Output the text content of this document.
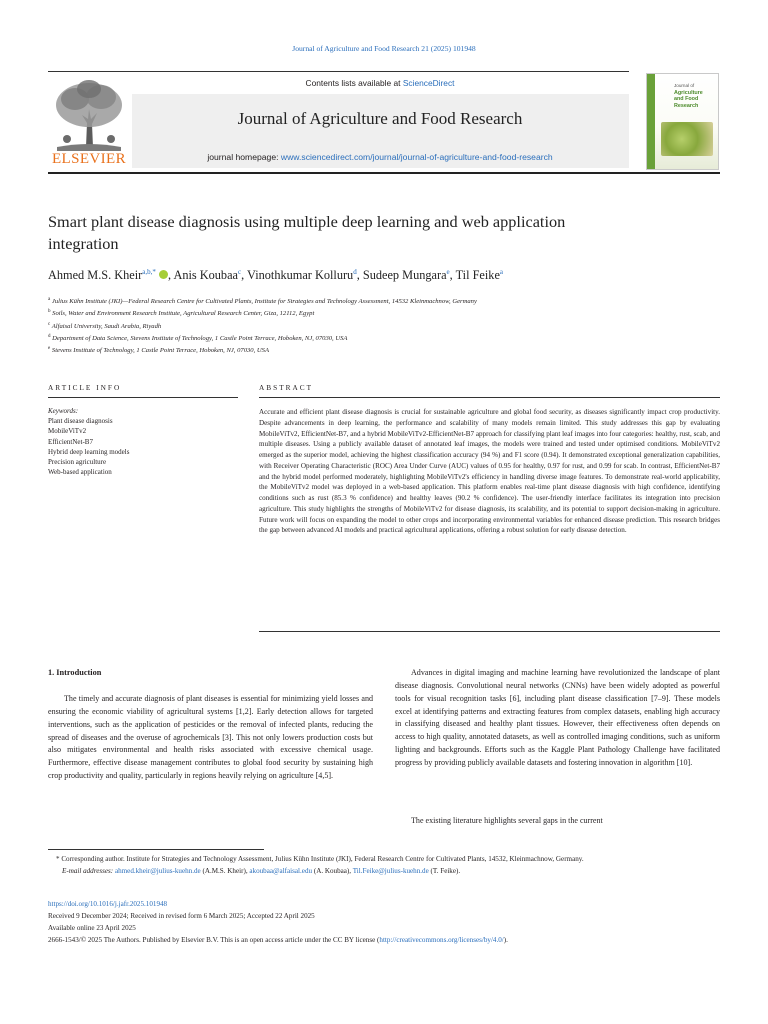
Journal of Agriculture and Food Research 21 (2025) 101948
ELSEVIER
Contents lists available at ScienceDirect
Journal of Agriculture and Food Research
journal homepage: www.sciencedirect.com/journal/journal-of-agriculture-and-food-research
Journal of
Agriculture
and Food
Research
Smart plant disease diagnosis using multiple deep learning and web application integration
Ahmed M.S. Kheir$^{a,b,*}$ , Anis Koubaa$^c$, Vinothkumar Kolluru$^d$, Sudeep Mungara$^e$, Til Feike$^a$
$^a$ Julius Kühn Institute (JKI)—Federal Research Centre for Cultivated Plants, Institute for Strategies and Technology Assessment, 14532 Kleinmachnow, Germany
$^b$ Soils, Water and Environment Research Institute, Agricultural Research Center, Giza, 12112, Egypt
$^c$ Alfaisal University, Saudi Arabia, Riyadh
$^d$ Department of Data Science, Stevens Institute of Technology, 1 Castle Point Terrace, Hoboken, NJ, 07030, USA
$^e$ Stevens Institute of Technology, 1 Castle Point Terrace, Hoboken, NJ, 07030, USA
ARTICLE INFO	ABSTRACT
Keywords:
Plant disease diagnosis
MobileViTv2
EfficientNet-B7
Hybrid deep learning models
Precision agriculture
Web-based application
Accurate and efficient plant disease diagnosis is crucial for sustainable agriculture and global food security, as diseases significantly impact crop productivity. Despite advancements in deep learning, the performance and scalability of many models remain limited. This study addresses this gap by evaluating MobileViTv2, EfficientNet-B7, and a hybrid MobileViTv2-EfficientNet-B7 approach for classifying plant leaf images into four categories: healthy, rust, scab, and multiple diseases. Using a publicly available dataset of annotated leaf images, the models were trained and tested under optimised conditions. MobileViTv2 emerged as the superior model, achieving the highest classification accuracy (94 %) and F1 score (0.94). It demonstrated exceptional generalization capabilities, with Receiver Operating Characteristic (ROC) Area Under Curve (AUC) values of 0.95 for healthy, 0.97 for rust, and 0.99 for scab. In contrast, EfficientNet-B7 and the hybrid model performed moderately, highlighting MobileViTv2's efficiency in handling diverse image features. To demonstrate real-world applicability, the MobileViTv2 model was deployed in a web-based application. This platform enables real-time plant disease diagnosis with high confidence, identifying conditions such as rust (85.3 % confidence) and healthy leaves (90.2 % confidence). The user-friendly interface facilitates its integration into precision agriculture. This study highlights the strengths of MobileViTv2 for disease diagnosis, its scalability, and its potential to support decision-making in agriculture. Future work will focus on expanding the model to other crops and incorporating environmental variables for enhanced disease prediction. This research bridges the gap between advanced AI models and practical agricultural applications, offering a robust solution for early disease detection.
1. Introduction
The timely and accurate diagnosis of plant diseases is essential for minimizing yield losses and ensuring the economic viability of agricultural systems [1,2]. Early detection allows for targeted interventions, such as the application of pesticides or the removal of infected plants, reducing the spread of diseases and the overuse of agrochemicals [3]. This not only lowers production costs but also mitigates environmental and health risks associated with excessive chemical usage. Furthermore, effective disease management contributes to global food security by sustaining high crop productivity and quality, particularly in regions heavily relying on agriculture [4,5].
Advances in digital imaging and machine learning have revolutionized the landscape of plant disease diagnosis. Convolutional neural networks (CNNs) have been widely adopted as powerful tools for visual recognition tasks [6], including plant disease classification [7–9]. These models excel at identifying patterns and extracting features from complex datasets, enabling high accuracy in classifying diseased and healthy plant tissues. However, their effectiveness often depends on access to high quality, annotated datasets, as well as controlled imaging conditions, such as uniform lighting and backgrounds. Efforts such as the Kaggle Plant Pathology Challenge have facilitated progress by providing publicly available datasets and fostering innovation in algorithm [10].
The existing literature highlights several gaps in the current
* Corresponding author. Institute for Strategies and Technology Assessment, Julius Kühn Institute (JKI), Federal Research Centre for Cultivated Plants, 14532, Kleinmachnow, Germany.
E-mail addresses: ahmed.kheir@julius-kuehn.de (A.M.S. Kheir), akoubaa@alfaisal.edu (A. Koubaa), Til.Feike@julius-kuehn.de (T. Feike).
https://doi.org/10.1016/j.jafr.2025.101948
Received 9 December 2024; Received in revised form 6 March 2025; Accepted 22 April 2025
Available online 23 April 2025
2666-1543/© 2025 The Authors. Published by Elsevier B.V. This is an open access article under the CC BY license (http://creativecommons.org/licenses/by/4.0/).
